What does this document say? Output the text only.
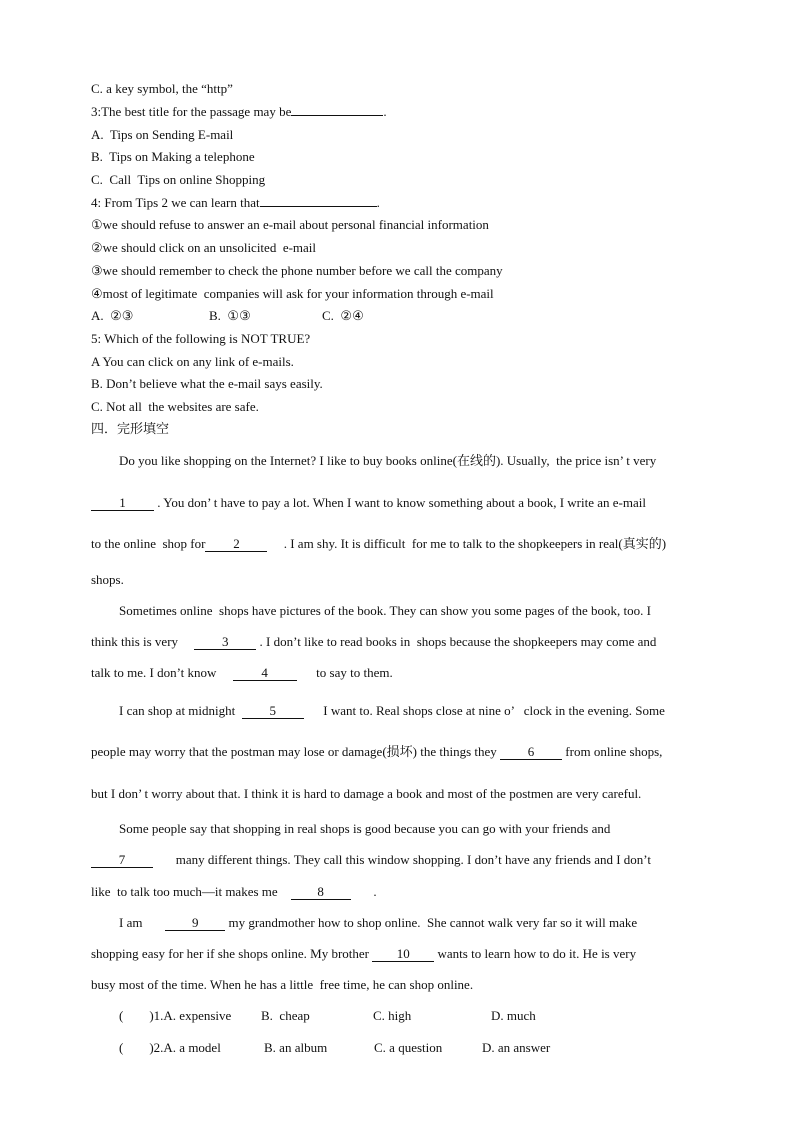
C. a key symbol, the “http”
3:The best title for the passage may be	.
A.  Tips on Sending E-mail
B.  Tips on Making a telephone
C.  Call  Tips on online Shopping
4: From Tips 2 we can learn that	.
①we should refuse to answer an e-mail about personal financial information
②we should click on an unsolicited  e-mail
③we should remember to check the phone number before we call the company
④most of legitimate  companies will ask for your information through e-mail
A.  ②③	B.  ①③	C.  ②④
5: Which of the following is NOT TRUE?
A You can click on any link of e-mails.
B. Don’t believe what the e-mail says easily.
C. Not all  the websites are safe.
四．完形填空
Do you like shopping on the Internet? I like to buy books online(在线的). Usually,  the price isn’ t very
1 . You don’ t have to pay a lot. When I want to know something about a book, I write an e-mail
to the online  shop for 2     . I am shy. It is difficult  for me to talk to the shopkeepers in real(真实的)
shops.
Sometimes online  shops have pictures of the book. They can show you some pages of the book, too. I
think this is very     3 . I don’t like to read books in  shops because the shopkeepers may come and
talk to me. I don’t know     4      to say to them.
I can shop at midnight  5      I want to. Real shops close at nine o’   clock in the evening. Some
people may worry that the postman may lose or damage(损坏) the things they 6 from online shops,
but I don’ t worry about that. I think it is hard to damage a book and most of the postmen are very careful.
Some people say that shopping in real shops is good because you can go with your friends and
7       many different things. They call this window shopping. I don’t have any friends and I don’t
like  to talk too much—it makes me    8       .
I am       9 my grandmother how to shop online.  She cannot walk very far so it will make
shopping easy for her if she shops online. My brother 10 wants to learn how to do it. He is very
busy most of the time. When he has a little  free time, he can shop online.
(        )1.A. expensive B.  cheap	C. high	D. much
(        )2.A. a model	B. an album	C. a question	D. an answer
